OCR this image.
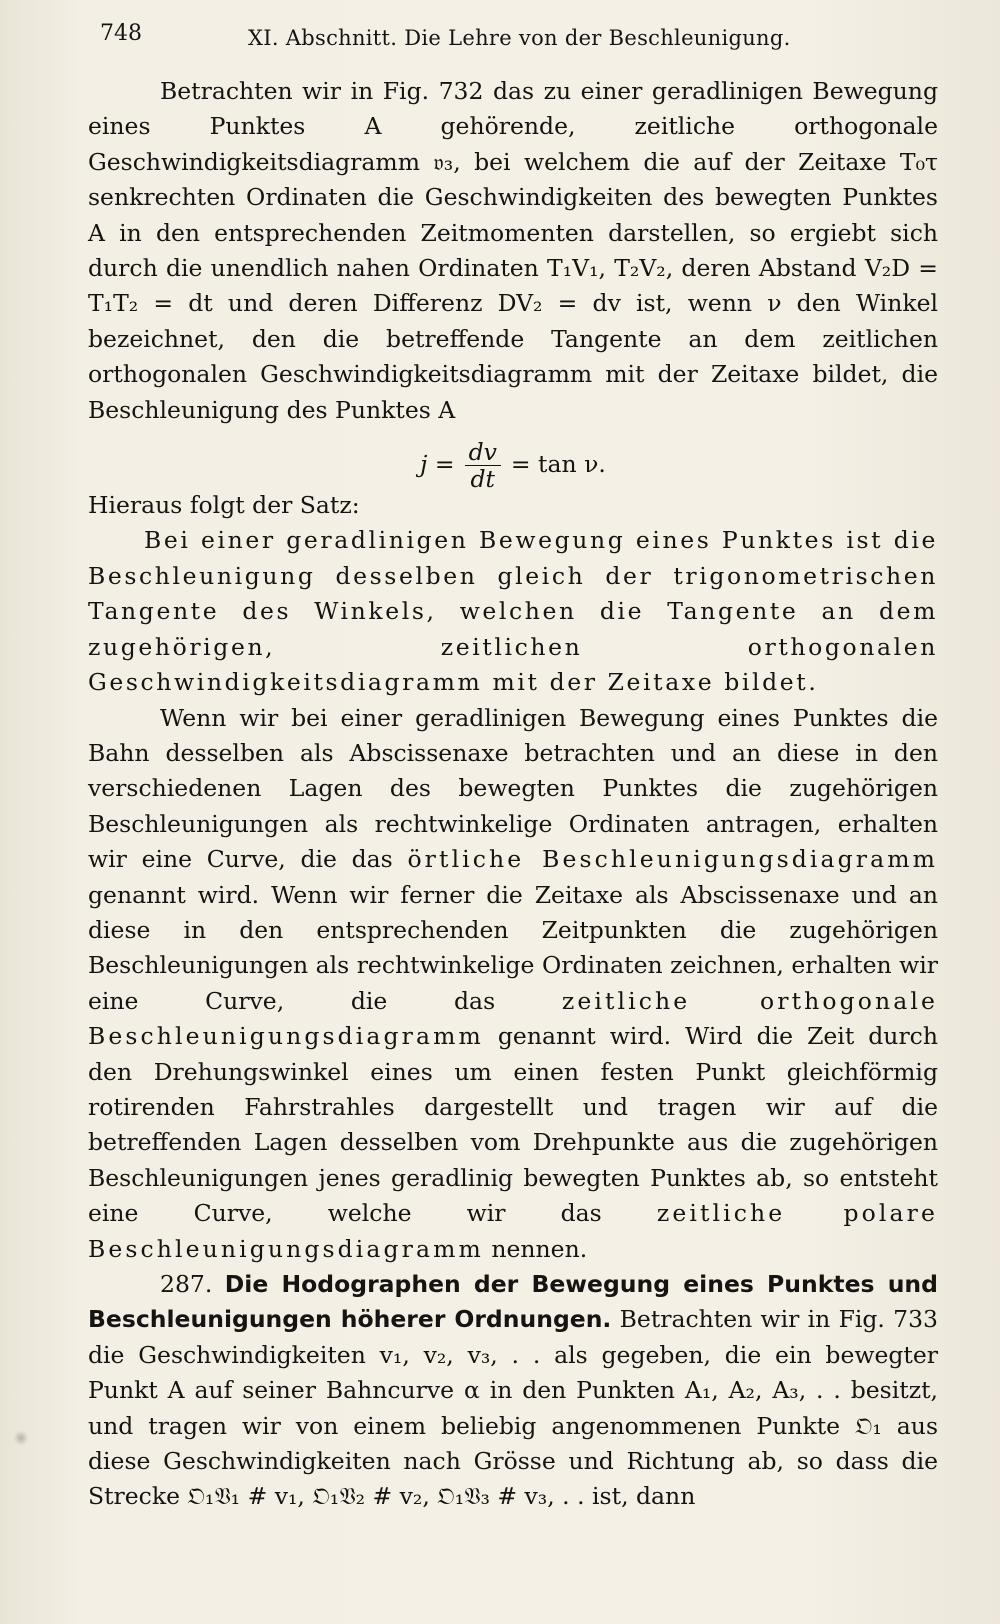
748	XI. Abschnitt. Die Lehre von der Beschleunigung.

Betrachten wir in Fig. 732 das zu einer geradlinigen Bewegung eines Punktes A gehörende, zeitliche orthogonale Geschwindigkeitsdiagramm 𝔳₃, bei welchem die auf der Zeitaxe T₀τ senkrechten Ordinaten die Geschwindigkeiten des bewegten Punktes A in den entsprechenden Zeitmomenten darstellen, so ergiebt sich durch die unendlich nahen Ordinaten T₁V₁, T₂V₂, deren Abstand V₂D = T₁T₂ = dt und deren Differenz DV₂ = dv ist, wenn ν den Winkel bezeichnet, den die betreffende Tangente an dem zeitlichen orthogonalen Geschwindigkeitsdiagramm mit der Zeitaxe bildet, die Beschleunigung des Punktes A

$j = \frac{dv}{dt} = \tan \nu$.

Hieraus folgt der Satz:

Bei einer geradlinigen Bewegung eines Punktes ist die Beschleunigung desselben gleich der trigonometrischen Tangente des Winkels, welchen die Tangente an dem zugehörigen, zeitlichen orthogonalen Geschwindigkeitsdiagramm mit der Zeitaxe bildet.

Wenn wir bei einer geradlinigen Bewegung eines Punktes die Bahn desselben als Abscissenaxe betrachten und an diese in den verschiedenen Lagen des bewegten Punktes die zugehörigen Beschleunigungen als rechtwinkelige Ordinaten antragen, erhalten wir eine Curve, die das örtliche Beschleunigungsdiagramm genannt wird. Wenn wir ferner die Zeitaxe als Abscissenaxe und an diese in den entsprechenden Zeitpunkten die zugehörigen Beschleunigungen als rechtwinkelige Ordinaten zeichnen, erhalten wir eine Curve, die das	zeitliche orthogonale Beschleunigungsdiagramm genannt wird. Wird die Zeit durch den Drehungswinkel eines um einen festen Punkt gleichförmig rotirenden Fahrstrahles dargestellt und tragen wir auf die betreffenden Lagen desselben vom Drehpunkte aus die zugehörigen Beschleunigungen jenes geradlinig bewegten Punktes ab, so entsteht eine Curve, welche wir das zeitliche polare Beschleunigungsdiagramm nennen.

287. Die Hodographen der Bewegung eines Punktes und Beschleunigungen höherer Ordnungen. Betrachten wir in Fig. 733 die Geschwindigkeiten v₁, v₂, v₃, . . als gegeben, die ein bewegter Punkt A auf seiner Bahncurve α in den Punkten A₁, A₂, A₃, . . besitzt, und tragen wir von einem beliebig angenommenen Punkte 𝔒₁ aus diese Geschwindigkeiten nach Grösse und Richtung ab, so dass die Strecke 𝔒₁𝔙₁ # v₁, 𝔒₁𝔙₂ # v₂, 𝔒₁𝔙₃ # v₃, . . ist, dann
